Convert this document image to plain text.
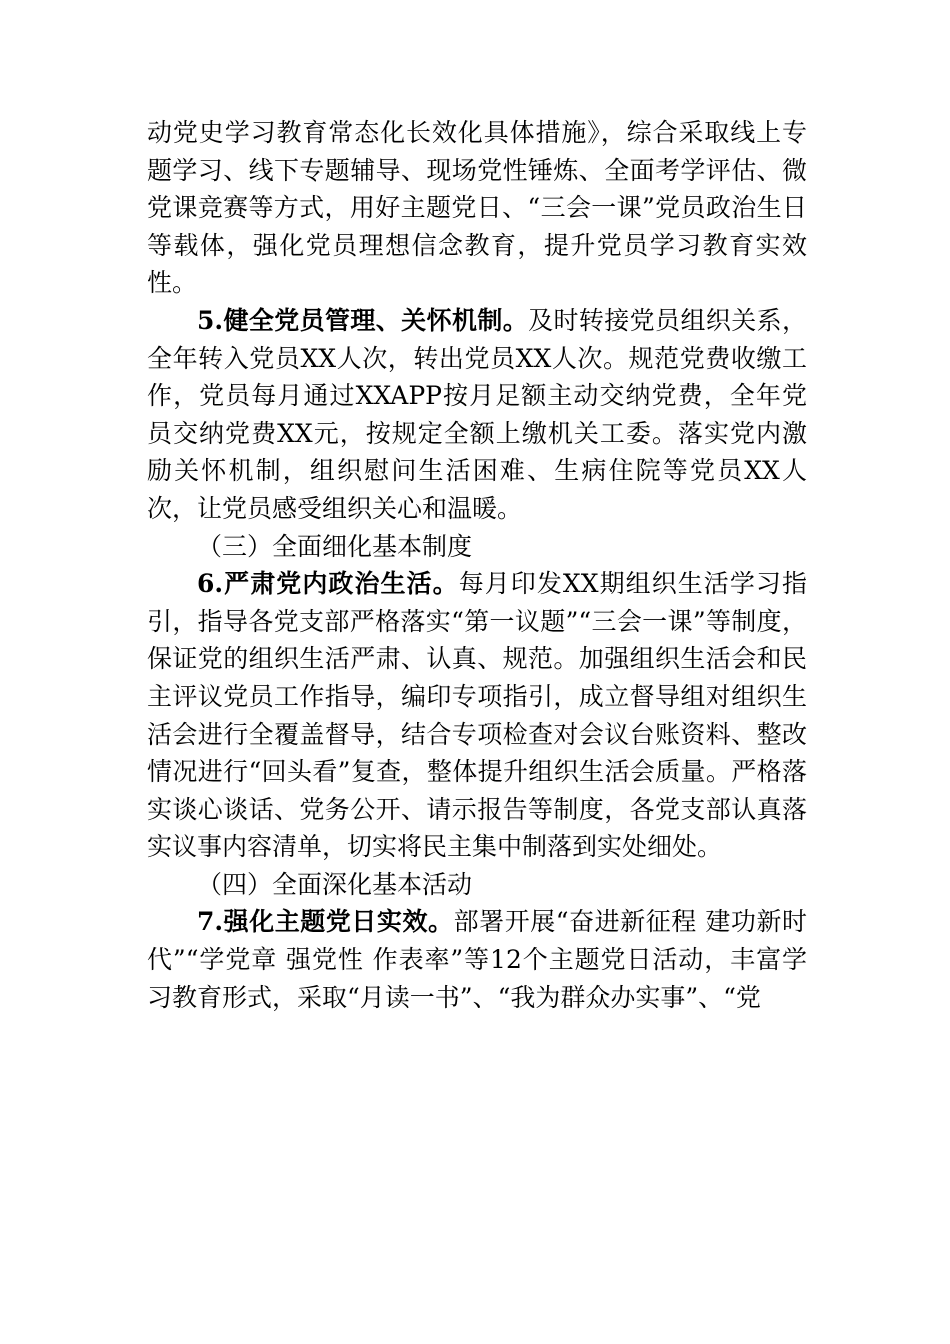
动党史学习教育常态化长效化具体措施》，综合采取线上专题学习、线下专题辅导、现场党性锤炼、全面考学评估、微党课竞赛等方式，用好主题党日、“三会一课”党员政治生日等载体，强化党员理想信念教育，提升党员学习教育实效性。

5.健全党员管理、关怀机制。及时转接党员组织关系，全年转入党员XX人次，转出党员XX人次。规范党费收缴工作，党员每月通过XXAPP按月足额主动交纳党费，全年党员交纳党费XX元，按规定全额上缴机关工委。落实党内激励关怀机制，组织慰问生活困难、生病住院等党员XX人次，让党员感受组织关心和温暖。

（三）全面细化基本制度

6.严肃党内政治生活。每月印发XX期组织生活学习指引，指导各党支部严格落实“第一议题”“三会一课”等制度，保证党的组织生活严肃、认真、规范。加强组织生活会和民主评议党员工作指导，编印专项指引，成立督导组对组织生活会进行全覆盖督导，结合专项检查对会议台账资料、整改情况进行“回头看”复查，整体提升组织生活会质量。严格落实谈心谈话、党务公开、请示报告等制度，各党支部认真落实议事内容清单，切实将民主集中制落到实处细处。

（四）全面深化基本活动

7.强化主题党日实效。部署开展“奋进新征程 建功新时代”“学党章 强党性 作表率”等12个主题党日活动，丰富学习教育形式，采取“月读一书”、“我为群众办实事”、“党
